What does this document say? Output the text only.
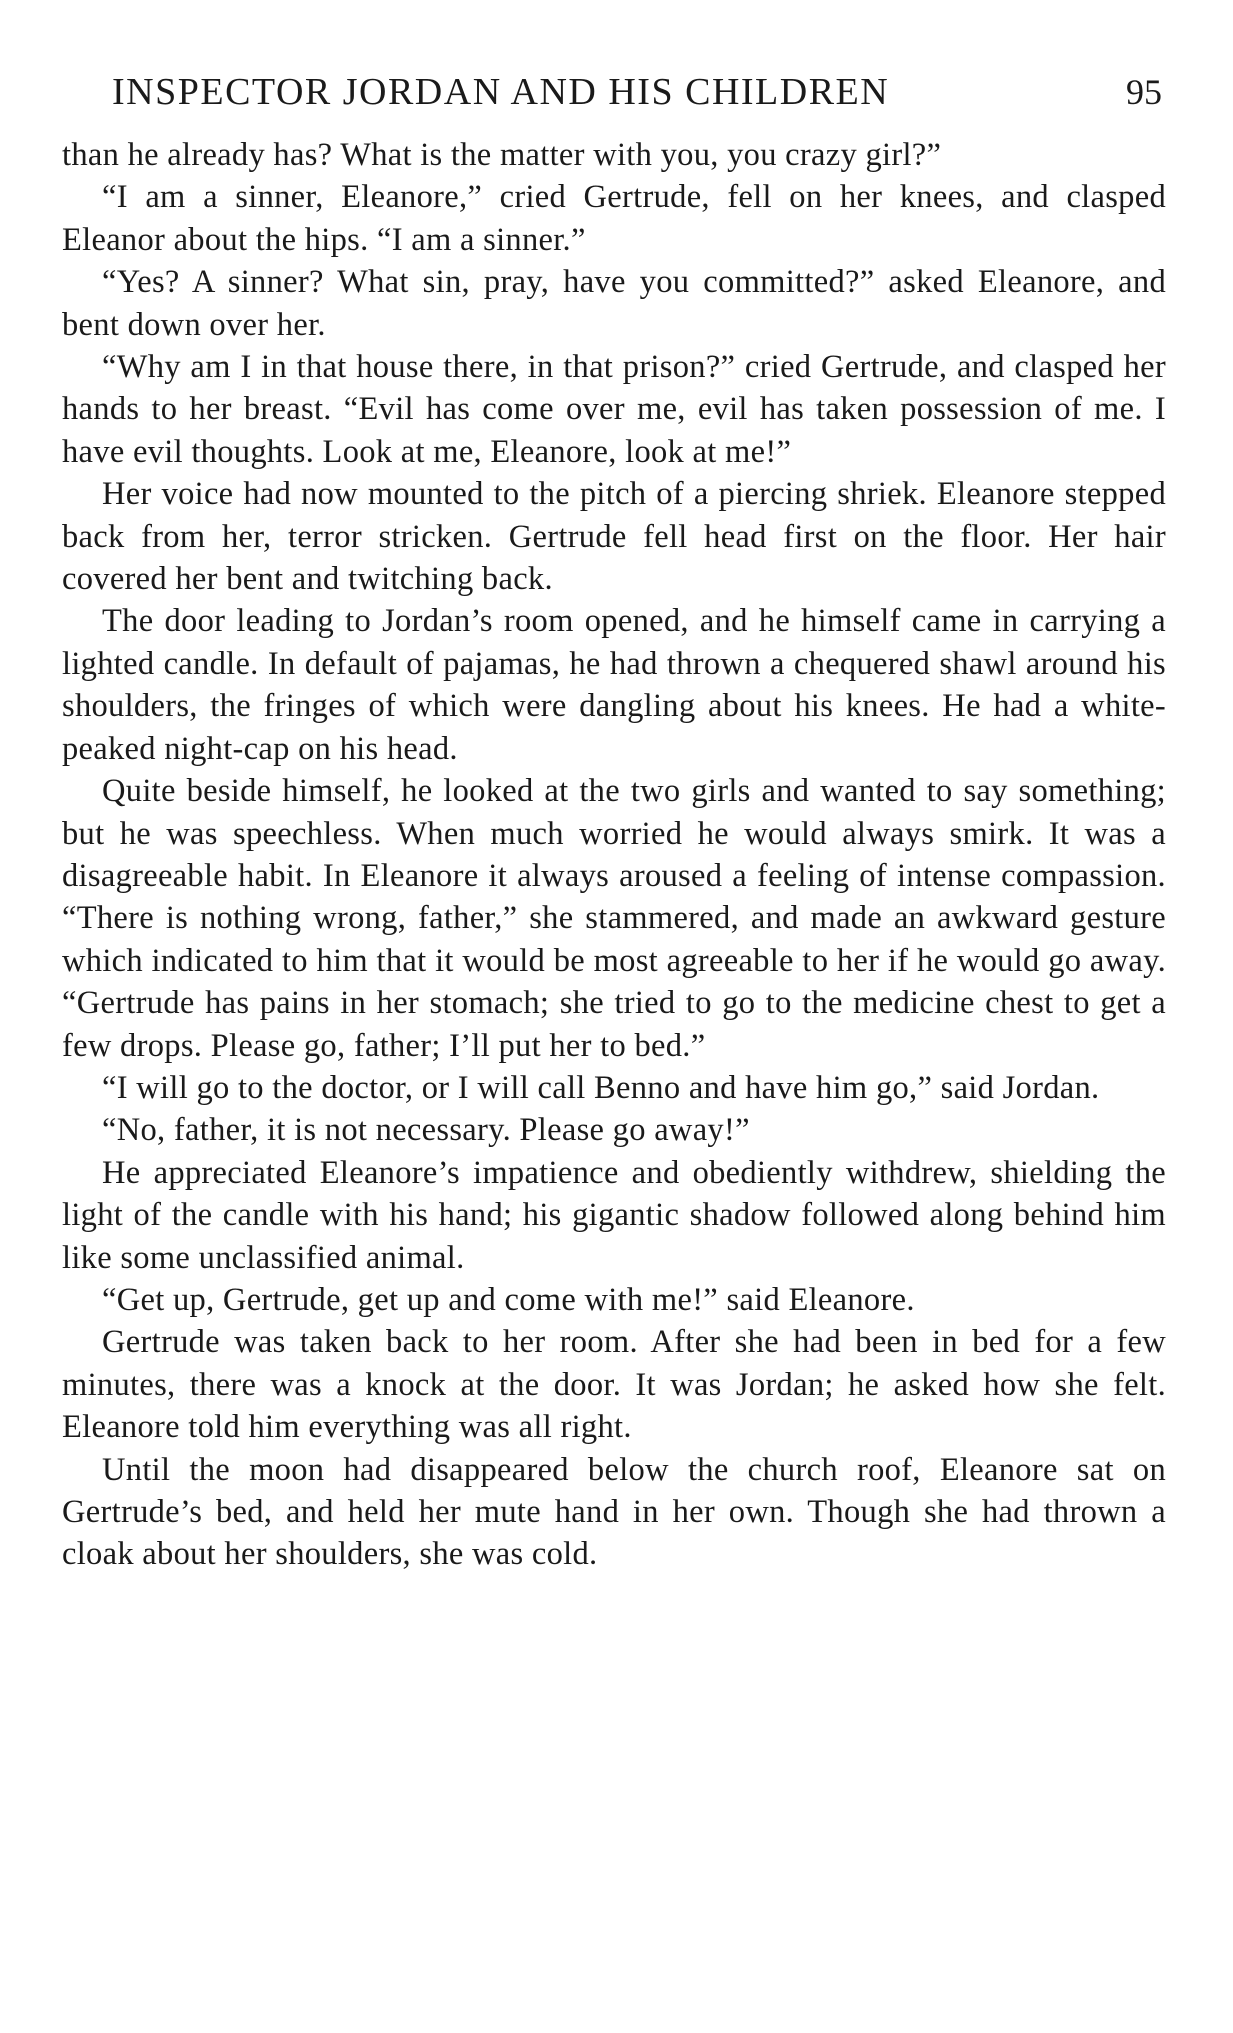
INSPECTOR JORDAN AND HIS CHILDREN	95

than he already has? What is the matter with you, you crazy girl?”

“I am a sinner, Eleanore,” cried Gertrude, fell on her knees, and clasped Eleanor about the hips. “I am a sinner.”

“Yes? A sinner? What sin, pray, have you committed?” asked Eleanore, and bent down over her.

“Why am I in that house there, in that prison?” cried Gertrude, and clasped her hands to her breast. “Evil has come over me, evil has taken possession of me. I have evil thoughts. Look at me, Eleanore, look at me!”

Her voice had now mounted to the pitch of a piercing shriek. Eleanore stepped back from her, terror stricken. Gertrude fell head first on the floor. Her hair covered her bent and twitching back.

The door leading to Jordan’s room opened, and he himself came in carrying a lighted candle. In default of pajamas, he had thrown a chequered shawl around his shoulders, the fringes of which were dangling about his knees. He had a white-peaked night-cap on his head.

Quite beside himself, he looked at the two girls and wanted to say something; but he was speechless. When much worried he would always smirk. It was a disagreeable habit. In Eleanore it always aroused a feeling of intense compassion. “There is nothing wrong, father,” she stammered, and made an awkward gesture which indicated to him that it would be most agreeable to her if he would go away. “Gertrude has pains in her stomach; she tried to go to the medicine chest to get a few drops. Please go, father; I’ll put her to bed.”

“I will go to the doctor, or I will call Benno and have him go,” said Jordan.

“No, father, it is not necessary. Please go away!”

He appreciated Eleanore’s impatience and obediently withdrew, shielding the light of the candle with his hand; his gigantic shadow followed along behind him like some unclassified animal.

“Get up, Gertrude, get up and come with me!” said Eleanore.

Gertrude was taken back to her room. After she had been in bed for a few minutes, there was a knock at the door. It was Jordan; he asked how she felt. Eleanore told him everything was all right.

Until the moon had disappeared below the church roof, Eleanore sat on Gertrude’s bed, and held her mute hand in her own. Though she had thrown a cloak about her shoulders, she was cold.
